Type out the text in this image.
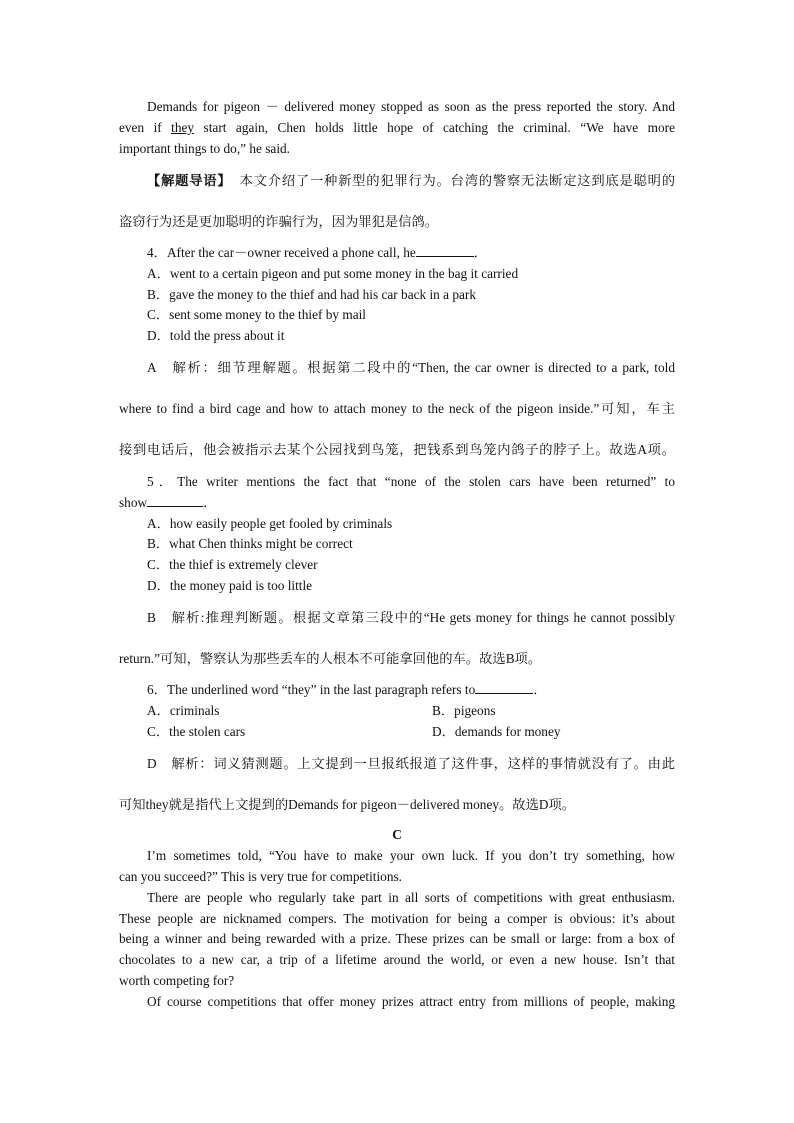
Demands for pigeon － delivered money stopped as soon as the press reported the story. And
even if they start again, Chen holds little hope of catching the criminal. “We have more
important things to do,” he said.
【解题导语】 本文介绍了一种新型的犯罪行为。台湾的警察无法断定这到底是聪明的
盗窃行为还是更加聪明的诈骗行为，因为罪犯是信鸽。
4．After the car－owner received a phone call, he	．
A．went to a certain pigeon and put some money in the bag it carried
B．gave the money to the thief and had his car back in a park
C．sent some money to the thief by mail
D．told the press about it
A　解析：细节理解题。根据第二段中的“Then, the car owner is directed to a park, told
where to find a bird cage and how to attach money to the neck of the pigeon inside.”可知，车主
接到电话后，他会被指示去某个公园找到鸟笼，把钱系到鸟笼内鸽子的脖子上。故选A项。
5．The writer mentions the fact that “none of the stolen cars have been returned” to
show	．
A．how easily people get fooled by criminals
B．what Chen thinks might be correct
C．the thief is extremely clever
D．the money paid is too little
B　解析:推理判断题。根据文章第三段中的“He gets money for things he cannot possibly
return.”可知，警察认为那些丢车的人根本不可能拿回他的车。故选B项。
6．The underlined word “they” in the last paragraph refers to	．
A．criminals	B．pigeons
C．the stolen cars	D．demands for money
D　解析：词义猜测题。上文提到一旦报纸报道了这件事，这样的事情就没有了。由此
可知they就是指代上文提到的Demands for pigeon－delivered money。故选D项。
C
I’m sometimes told, “You have to make your own luck. If you don’t try something, how
can you succeed?” This is very true for competitions.
There are people who regularly take part in all sorts of competitions with great enthusiasm.
These people are nicknamed compers. The motivation for being a comper is obvious: it’s about
being a winner and being rewarded with a prize. These prizes can be small or large: from a box of
chocolates to a new car, a trip of a lifetime around the world, or even a new house. Isn’t that
worth competing for?
Of course competitions that offer money prizes attract entry from millions of people, making
